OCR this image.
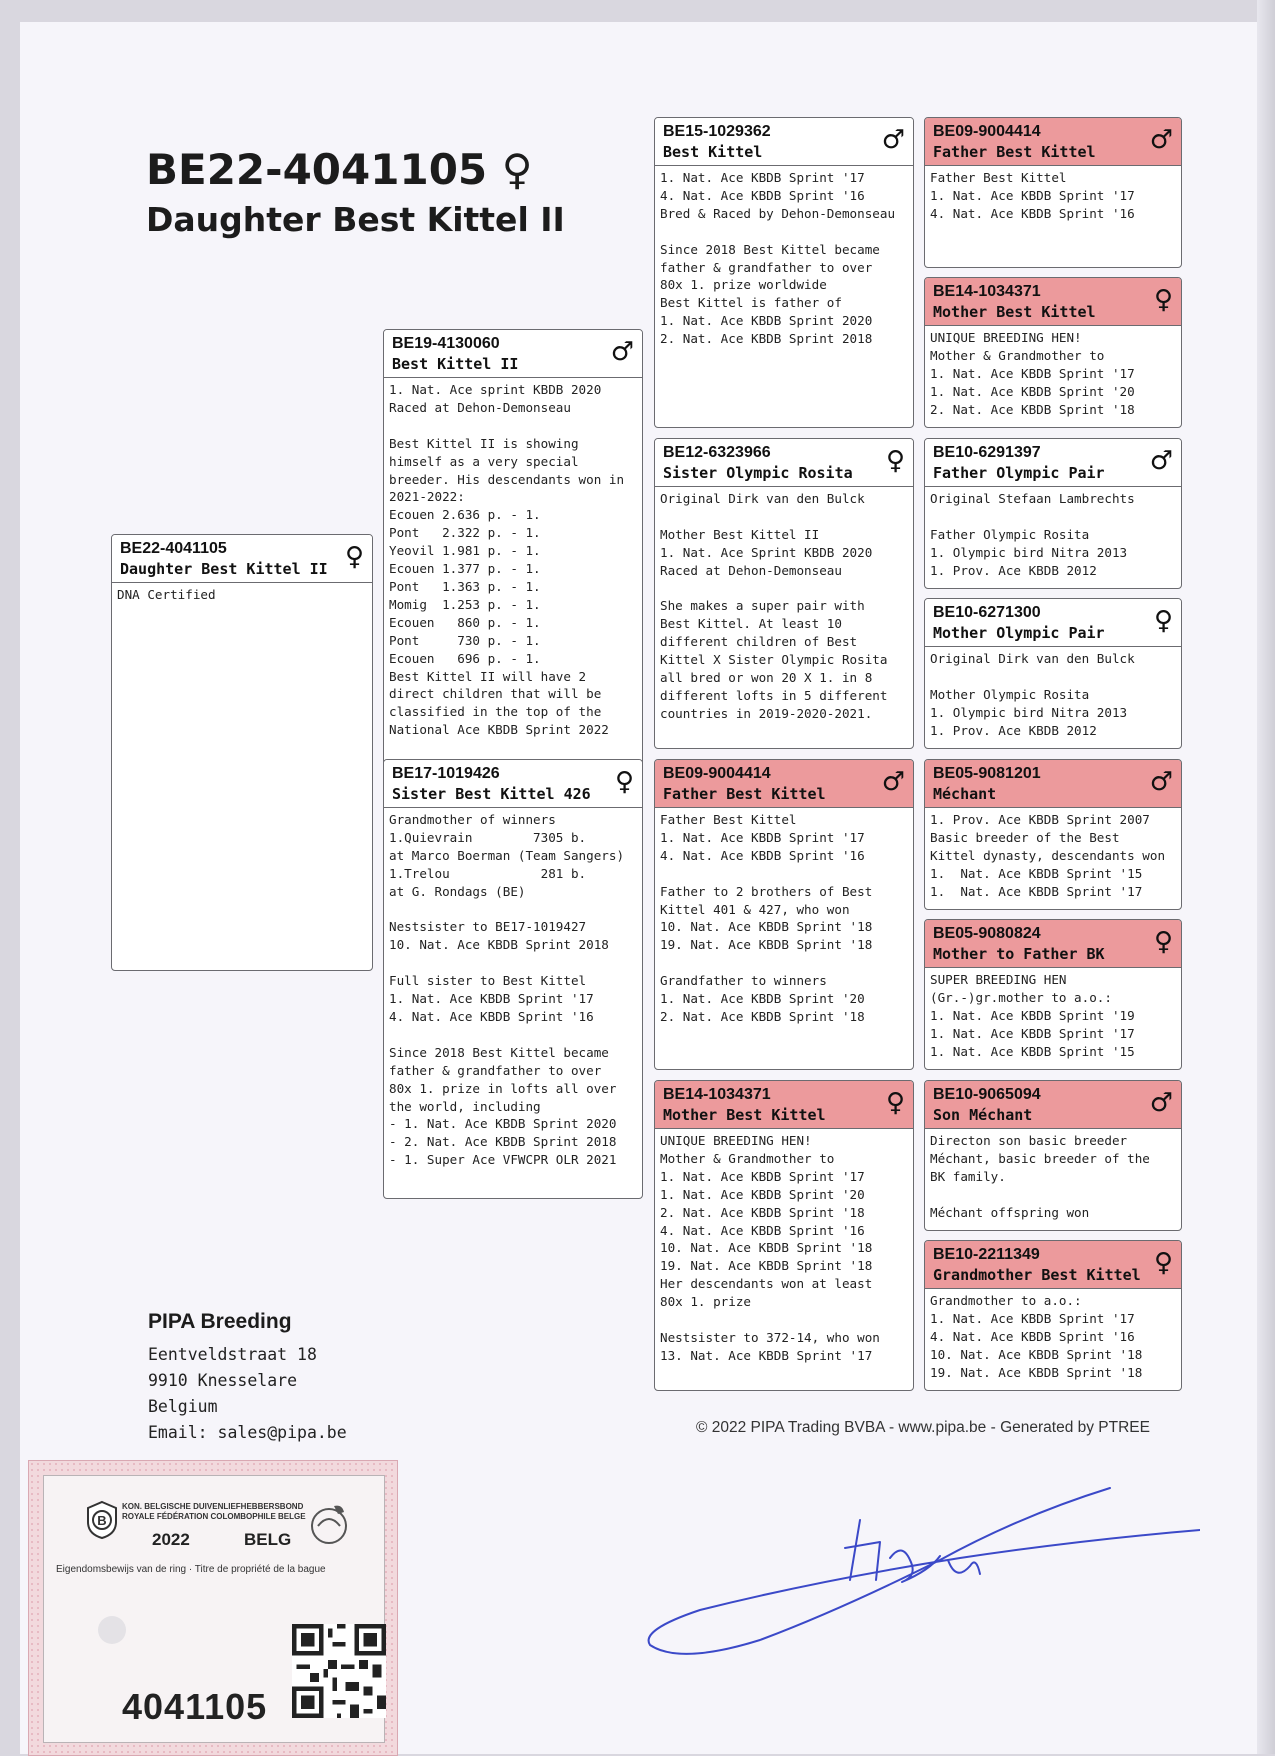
BE22-4041105 ♀
Daughter Best Kittel II
BE22-4041105
Daughter Best Kittel II ♀
DNA Certified
BE19-4130060
Best Kittel II	♂
1. Nat. Ace sprint KBDB 2020
Raced at Dehon-Demonseau

Best Kittel II is showing
himself as a very special
breeder. His descendants won in
2021-2022:
Ecouen 2.636 p. - 1.
Pont   2.322 p. - 1.
Yeovil 1.981 p. - 1.
Ecouen 1.377 p. - 1.
Pont   1.363 p. - 1.
Momig  1.253 p. - 1.
Ecouen   860 p. - 1.
Pont     730 p. - 1.
Ecouen   696 p. - 1.
Best Kittel II will have 2
direct children that will be
classified in the top of the
National Ace KBDB Sprint 2022
BE17-1019426
Sister Best Kittel 426 ♀
Grandmother of winners
1.Quievrain        7305 b.
at Marco Boerman (Team Sangers)
1.Trelou            281 b.
at G. Rondags (BE)

Nestsister to BE17-1019427
10. Nat. Ace KBDB Sprint 2018

Full sister to Best Kittel
1. Nat. Ace KBDB Sprint '17
4. Nat. Ace KBDB Sprint '16

Since 2018 Best Kittel became
father & grandfather to over
80x 1. prize in lofts all over
the world, including
- 1. Nat. Ace KBDB Sprint 2020
- 2. Nat. Ace KBDB Sprint 2018
- 1. Super Ace VFWCPR OLR 2021
BE15-1029362
Best Kittel	♂
1. Nat. Ace KBDB Sprint '17
4. Nat. Ace KBDB Sprint '16
Bred & Raced by Dehon-Demonseau

Since 2018 Best Kittel became
father & grandfather to over
80x 1. prize worldwide
Best Kittel is father of
1. Nat. Ace KBDB Sprint 2020
2. Nat. Ace KBDB Sprint 2018
BE12-6323966
Sister Olympic Rosita	♀
Original Dirk van den Bulck

Mother Best Kittel II
1. Nat. Ace Sprint KBDB 2020
Raced at Dehon-Demonseau

She makes a super pair with
Best Kittel. At least 10
different children of Best
Kittel X Sister Olympic Rosita
all bred or won 20 X 1. in 8
different lofts in 5 different
countries in 2019-2020-2021.
BE09-9004414
Father Best Kittel	♂
Father Best Kittel
1. Nat. Ace KBDB Sprint '17
4. Nat. Ace KBDB Sprint '16

Father to 2 brothers of Best
Kittel 401 & 427, who won
10. Nat. Ace KBDB Sprint '18
19. Nat. Ace KBDB Sprint '18

Grandfather to winners
1. Nat. Ace KBDB Sprint '20
2. Nat. Ace KBDB Sprint '18
BE14-1034371
Mother Best Kittel	♀
UNIQUE BREEDING HEN!
Mother & Grandmother to
1. Nat. Ace KBDB Sprint '17
1. Nat. Ace KBDB Sprint '20
2. Nat. Ace KBDB Sprint '18
4. Nat. Ace KBDB Sprint '16
10. Nat. Ace KBDB Sprint '18
19. Nat. Ace KBDB Sprint '18
Her descendants won at least
80x 1. prize

Nestsister to 372-14, who won
13. Nat. Ace KBDB Sprint '17
BE09-9004414
Father Best Kittel	♂
Father Best Kittel
1. Nat. Ace KBDB Sprint '17
4. Nat. Ace KBDB Sprint '16
BE14-1034371
Mother Best Kittel	♀
UNIQUE BREEDING HEN!
Mother & Grandmother to
1. Nat. Ace KBDB Sprint '17
1. Nat. Ace KBDB Sprint '20
2. Nat. Ace KBDB Sprint '18
BE10-6291397
Father Olympic Pair	♂
Original Stefaan Lambrechts

Father Olympic Rosita
1. Olympic bird Nitra 2013
1. Prov. Ace KBDB 2012
BE10-6271300
Mother Olympic Pair	♀
Original Dirk van den Bulck

Mother Olympic Rosita
1. Olympic bird Nitra 2013
1. Prov. Ace KBDB 2012
BE05-9081201
Méchant	♂
1. Prov. Ace KBDB Sprint 2007
Basic breeder of the Best
Kittel dynasty, descendants won
1.  Nat. Ace KBDB Sprint '15
1.  Nat. Ace KBDB Sprint '17
BE05-9080824
Mother to Father BK	♀
SUPER BREEDING HEN
(Gr.-)gr.mother to a.o.:
1. Nat. Ace KBDB Sprint '19
1. Nat. Ace KBDB Sprint '17
1. Nat. Ace KBDB Sprint '15
BE10-9065094
Son Méchant	♂
Directon son basic breeder
Méchant, basic breeder of the
BK family.

Méchant offspring won
BE10-2211349
Grandmother Best Kittel ♀
Grandmother to a.o.:
1. Nat. Ace KBDB Sprint '17
4. Nat. Ace KBDB Sprint '16
10. Nat. Ace KBDB Sprint '18
19. Nat. Ace KBDB Sprint '18
PIPA Breeding
Eentveldstraat 18
9910 Knesselare
Belgium
Email: sales@pipa.be	© 2022 PIPA Trading BVBA - www.pipa.be - Generated by PTREE
B
KON. BELGISCHE DUIVENLIEFHEBBERSBOND
ROYALE FÉDÉRATION COLOMBOPHILE BELGE
2022	BELG
Eigendomsbewijs van de ring · Titre de propriété de la bague
4041105
